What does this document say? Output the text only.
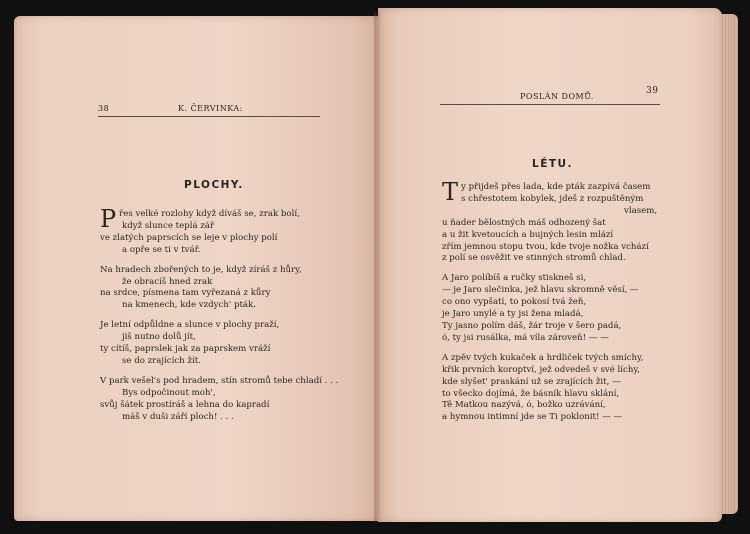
38	K. ČERVINKA:
PLOCHY.
P řes velké rozlohy když díváš se, zrak bolí,
když slunce teplá zář
ve zlatých paprscích se leje v plochy polí
a opře se ti v tvář.
Na hradech zbořených to je, když zíráš z hůry,
že obracíš hned zrak
na srdce, písmena tam vyřezaná z kůry
na kmenech, kde vzdych' pták.
Je letní odpůldne a slunce v plochy praží,
jiš nutno dolů jít,
ty cítíš, paprslek jak za paprskem vráží
se do zrajících žít.
V park vešel's pod hradem, stín stromů tebe chladí . . .
Bys odpočinout moh',
svůj šátek prostíráš a lehna do kapradí
máš v duši září ploch! . . .
POSLÁN DOMŮ.
39
LÉTU.
T y přijdeš přes lada, kde pták zazpívá časem
s chřestotem kobylek, jdeš z rozpuštěným
vlasem,
u ňader bělostných máš odhozený šat
a u žit kvetoucích a bujných lesin mlází
zřím jemnou stopu tvou, kde tvoje nožka vchází
z polí se osvěžit ve stinných stromů chlad.
A Jaro políbíš a ručky stiskneš si,
— je Jaro slečinka, jež hlavu skromně věsí, —
co ono vypšatí, to pokosí tvá žeň,
je Jaro unylé a ty jsi žena mladá,
Ty jasno polím dáš, žár troje v šero padá,
ó, ty jsi rusálka, má víla zároveň! — —
A zpěv tvých kukaček a hrdliček tvých smíchy,
křik prvních koroptví, jež odvedeš v své líchy,
kde slyšet' praskání už se zrajících žit, —
to všecko dojímá, že básník hlavu sklání,
Tě Matkou nazývá, ó, božko uzrávání,
a hymnou intimní jde se Ti poklonit! — —
